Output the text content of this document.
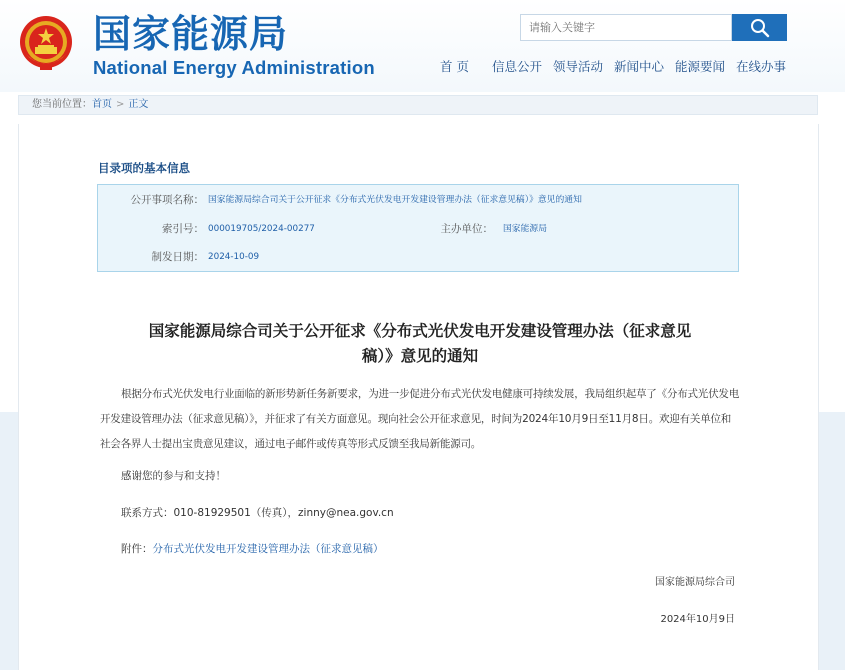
国家能源局
National Energy Administration
请输入关键字	首 页	信息公开 领导活动 新闻中心 能源要闻 在线办事
您当前位置： 首页 > 正文
目录项的基本信息
公开事项名称： 国家能源局综合司关于公开征求《分布式光伏发电开发建设管理办法（征求意见稿）》意见的通知
索引号： 000019705/2024-00277	主办单位： 国家能源局
制发日期： 2024-10-09
国家能源局综合司关于公开征求《分布式光伏发电开发建设管理办法（征求意见
稿）》意见的通知
根据分布式光伏发电行业面临的新形势新任务新要求，为进一步促进分布式光伏发电健康可持续发展，我局组织起草了《分布式光伏发电开发建设管理办法（征求意见稿）》，并征求了有关方面意见。现向社会公开征求意见，时间为2024年10月9日至11月8日。欢迎有关单位和社会各界人士提出宝贵意见建议，通过电子邮件或传真等形式反馈至我局新能源司。
感谢您的参与和支持！
联系方式：010-81929501（传真），zinny@nea.gov.cn
附件：分布式光伏发电开发建设管理办法（征求意见稿）
国家能源局综合司
2024年10月9日
